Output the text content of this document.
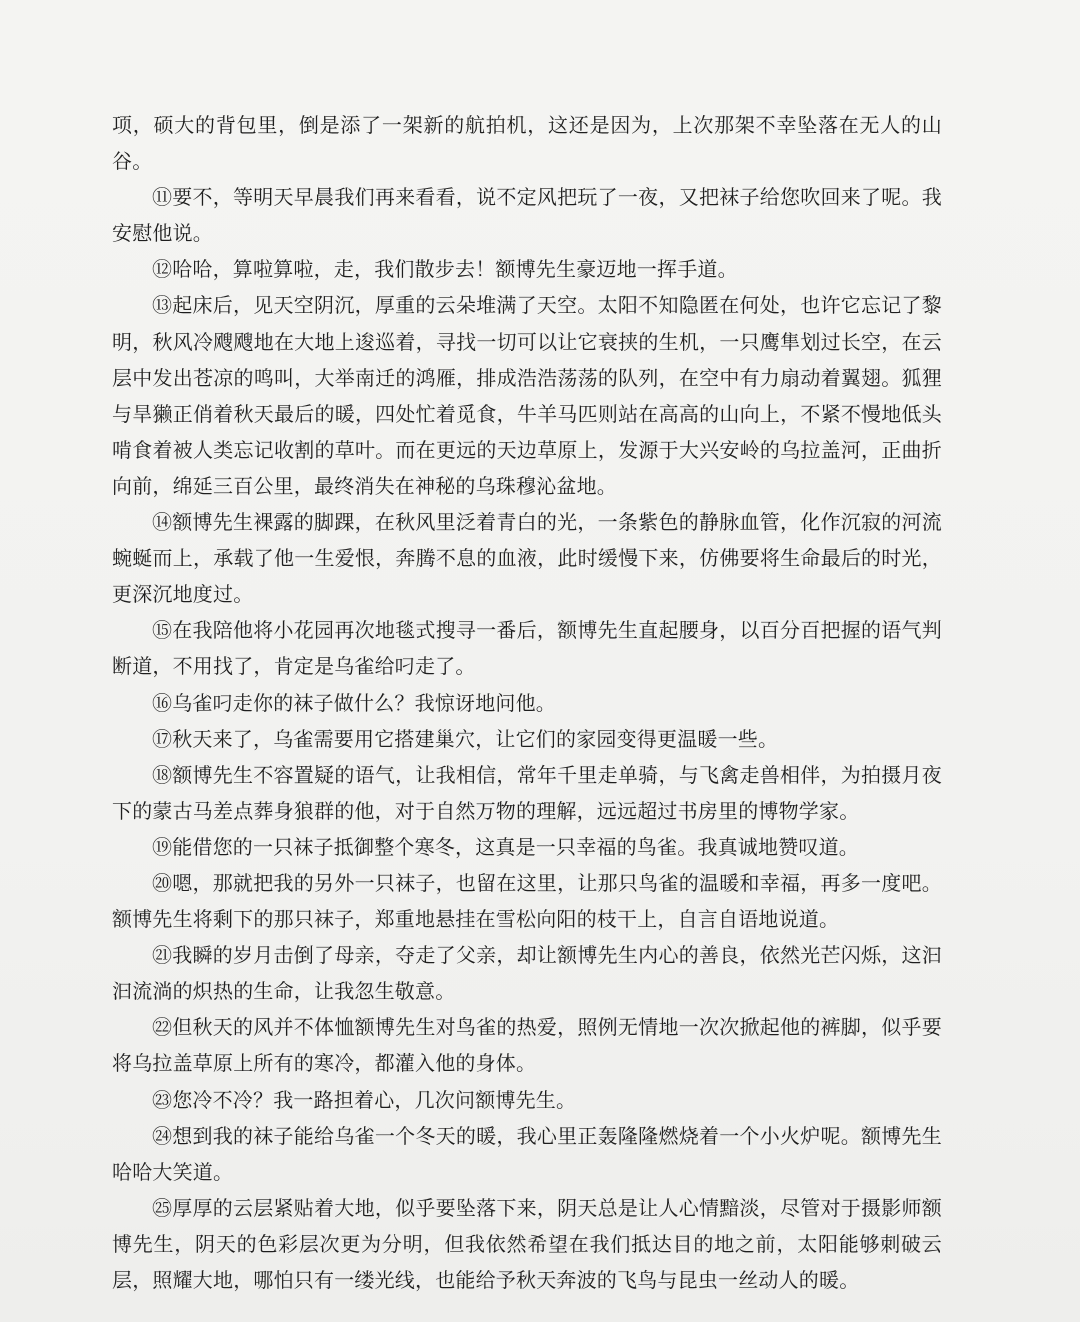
项，硕大的背包里，倒是添了一架新的航拍机，这还是因为，上次那架不幸坠落在无人的山谷。

⑪要不，等明天早晨我们再来看看，说不定风把玩了一夜，又把袜子给您吹回来了呢。我安慰他说。

⑫哈哈，算啦算啦，走，我们散步去！额博先生豪迈地一挥手道。

⑬起床后，见天空阴沉，厚重的云朵堆满了天空。太阳不知隐匿在何处，也许它忘记了黎明，秋风冷飕飕地在大地上逡巡着，寻找一切可以让它衰挟的生机，一只鹰隼划过长空，在云层中发出苍凉的鸣叫，大举南迁的鸿雁，排成浩浩荡荡的队列，在空中有力扇动着翼翅。狐狸与旱獭正俏着秋天最后的暖，四处忙着觅食，牛羊马匹则站在高高的山向上，不紧不慢地低头啃食着被人类忘记收割的草叶。而在更远的天边草原上，发源于大兴安岭的乌拉盖河，正曲折向前，绵延三百公里，最终消失在神秘的乌珠穆沁盆地。

⑭额博先生裸露的脚踝，在秋风里泛着青白的光，一条紫色的静脉血管，化作沉寂的河流蜿蜒而上，承载了他一生爱恨，奔腾不息的血液，此时缓慢下来，仿佛要将生命最后的时光，更深沉地度过。

⑮在我陪他将小花园再次地毯式搜寻一番后，额博先生直起腰身，以百分百把握的语气判断道，不用找了，肯定是乌雀给叼走了。

⑯乌雀叼走你的袜子做什么？我惊讶地问他。

⑰秋天来了，乌雀需要用它搭建巢穴，让它们的家园变得更温暖一些。

⑱额博先生不容置疑的语气，让我相信，常年千里走单骑，与飞禽走兽相伴，为拍摄月夜下的蒙古马差点葬身狼群的他，对于自然万物的理解，远远超过书房里的博物学家。

⑲能借您的一只袜子抵御整个寒冬，这真是一只幸福的鸟雀。我真诚地赞叹道。

⑳嗯，那就把我的另外一只袜子，也留在这里，让那只鸟雀的温暖和幸福，再多一度吧。额博先生将剩下的那只袜子，郑重地悬挂在雪松向阳的枝干上，自言自语地说道。

㉑我瞬的岁月击倒了母亲，夺走了父亲，却让额博先生内心的善良，依然光芒闪烁，这汩汩流淌的炽热的生命，让我忽生敬意。

㉒但秋天的风并不体恤额博先生对鸟雀的热爱，照例无情地一次次掀起他的裤脚，似乎要将乌拉盖草原上所有的寒冷，都灌入他的身体。

㉓您冷不冷？我一路担着心，几次问额博先生。

㉔想到我的袜子能给乌雀一个冬天的暖，我心里正轰隆隆燃烧着一个小火炉呢。额博先生哈哈大笑道。

㉕厚厚的云层紧贴着大地，似乎要坠落下来，阴天总是让人心情黯淡，尽管对于摄影师额博先生，阴天的色彩层次更为分明，但我依然希望在我们抵达目的地之前，太阳能够刺破云层，照耀大地，哪怕只有一缕光线，也能给予秋天奔波的飞鸟与昆虫一丝动人的暖。
